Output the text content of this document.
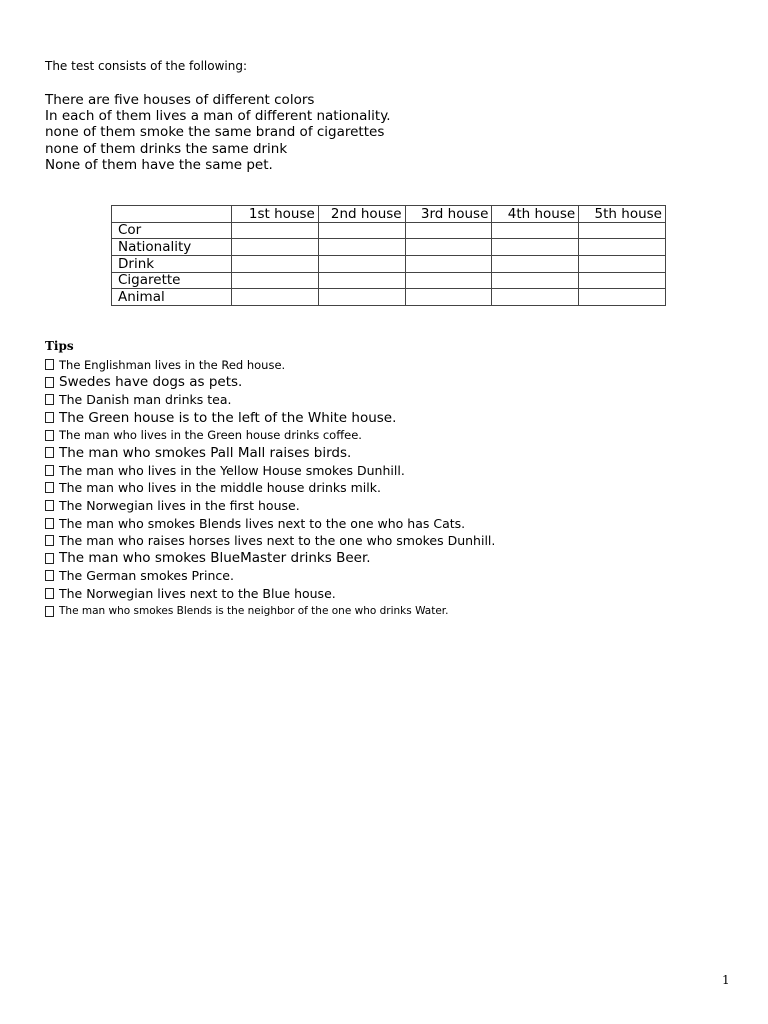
The test consists of the following:
There are five houses of different colors
In each of them lives a man of different nationality.
none of them smoke the same brand of cigarettes
none of them drinks the same drink
None of them have the same pet.
	1st house	2nd house	3rd house	4th house	5th house
Cor					
Nationality					
Drink					
Cigarette					
Animal					
Tips
The Englishman lives in the Red house.
Swedes have dogs as pets.
The Danish man drinks tea.
The Green house is to the left of the White house.
The man who lives in the Green house drinks coffee.
The man who smokes Pall Mall raises birds.
The man who lives in the Yellow House smokes Dunhill.
The man who lives in the middle house drinks milk.
The Norwegian lives in the first house.
The man who smokes Blends lives next to the one who has Cats.
The man who raises horses lives next to the one who smokes Dunhill.
The man who smokes BlueMaster drinks Beer.
The German smokes Prince.
The Norwegian lives next to the Blue house.
The man who smokes Blends is the neighbor of the one who drinks Water.
1
